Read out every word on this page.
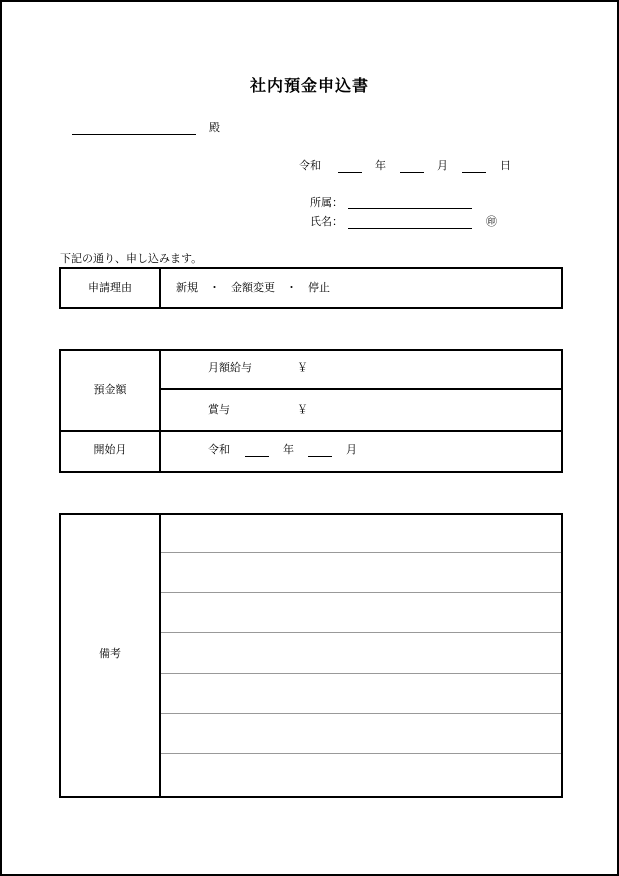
社内預金申込書
殿
令和	年	月	日
所属：
氏名：	㊞
下記の通り、申し込みます。
申請理由	新規　・　金額変更　・　停止
預金額
月額給与	￥
賞与	￥
開始月	令和	年	月
備考
